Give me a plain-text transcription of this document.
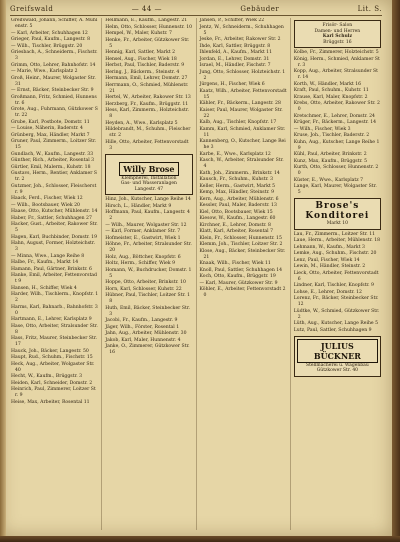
Greifswald	— 44 —	Gebäuder	Lit. S.
Greifswald, Johann, Schiffer, A. Mühlenstr. 5
— Karl, Arbeiter, Schuhhagen 12
Grieger, Paul, Kaufm., Langestr. 8
— Wilh., Tischler, Brüggstr. 20
Griesbach, A., Schneiderm., Fischstr. 3
Grimm, Otto, Lehrer, Bahnhofstr. 14
— Marie, Wwe., Karlsplatz 2
Groß, Heinr., Maurer, Wolgaster Str. 31
— Ernst, Bäcker, Steinbecker Str. 9
Großmann, Fritz, Schmied, Hunnenstr. 6
Grote, Aug., Fuhrmann, Gützkower Str. 22
Grube, Karl, Postbote, Domstr. 11
— Louise, Näherin, Baderstr. 4
Grünberg, Max, Händler, Markt 7
Gruner, Paul, Zimmerm., Loitzer Str. 15
Gundlach, W., Kaufm., Langestr. 33
Günther, Rich., Arbeiter, Rosental 3
Gürtler, Emil, Malerm., Kuhstr. 18
Gustavs, Herm., Rentier, Anklamer Str. 2
Gutzmer, Joh., Schlosser, Fleischerstr. 9
Haack, Ferd., Fischer, Wiek 12
— Wilh., Bootsbauer, Wiek 20
Haase, Otto, Kutscher, Mühlenstr. 14
Haber, Fr., Sattler, Schuhhagen 27
Hacker, Gust., Arbeiter, Rakower Str. 5
Hagen, Karl, Buchbinder, Domstr. 19
Hahn, August, Former, Holzteichstr. 3
— Minna, Wwe., Lange Reihe 8
Halbe, Fr., Kaufm., Markt 14
Hamann, Paul, Gärtner, Brinkstr. 6
Hanke, Emil, Arbeiter, Fettenvorstadt 9
Hansen, H., Schiffer, Wiek 4
Harder, Wilh., Tischlerm., Knopfstr. 12
Harms, Karl, Bahnarb., Bahnhofstr. 30
Hartmann, E., Lehrer, Karlsplatz 9
Hase, Otto, Arbeiter, Stralsunder Str. 8
Hass, Fritz, Maurer, Steinbecker Str. 17
Hauck, Joh., Bäcker, Langestr. 50
Haupt, Rud., Schuhm., Fischstr. 15
Heck, Aug., Arbeiter, Wolgaster Str. 40
Hecht, W., Kaufm., Brüggstr. 3
Heiden, Karl, Schneider, Domstr. 2
Heinrich, Paul, Zimmerer, Loitzer Str. 9
Heise, Max, Arbeiter, Rosental 11
Hellmann, E., Kaufm., Langestr. 21
Helm, Otto, Schlosser, Hunnenstr. 10
Hempel, W., Maler, Kuhstr. 7
Henke, Fr., Arbeiter, Gützkower Str. 5
Hennig, Karl, Sattler, Markt 2
Hensel, Aug., Fischer, Wiek 18
Herbst, Paul, Tischler, Baderstr. 9
Hering, J., Bäckerm., Steinstr. 4
Hermann, Emil, Lehrer, Domstr. 27
Herrmann, O., Schmied, Mühlenstr. 21
Hertel, W., Arbeiter, Rakower Str. 13
Herzberg, Fr., Kaufm., Brüggstr. 11
Hess, Karl, Zimmerm., Holzteichstr. 8
Heyden, A., Wwe., Karlsplatz 5
Hildebrandt, M., Schuhm., Fleischerstr. 2
Hille, Otto, Arbeiter, Fettenvorstadt 3
Willy Brose
Klempnerei, Installation
Gas- und Wasseranlagen
Langestr. 47
Hinz, Joh., Kutscher, Lange Reihe 14
Hirsch, L., Händler, Markt 9
Hoffmann, Paul, Kaufm., Langestr. 42
— Wilh., Maurer, Wolgaster Str. 12
— Karl, Former, Anklamer Str. 7
Hofmeister, E., Gastwirt, Wiek 1
Höhne, Fr., Arbeiter, Stralsunder Str. 20
Holz, Aug., Böttcher, Knopfstr. 6
Holtz, Herm., Schiffer, Wiek 9
Homann, W., Buchdrucker, Domstr. 15
Hoppe, Otto, Arbeiter, Brinkstr. 10
Horn, Karl, Schlosser, Kuhstr. 22
Hübner, Paul, Tischler, Loitzer Str. 18
Huth, Emil, Bäcker, Steinbecker Str. 3
Jacobi, Fr., Kaufm., Langestr. 9
Jäger, Wilh., Förster, Rosental 1
Jahn, Aug., Arbeiter, Mühlenstr. 30
Jakob, Karl, Maler, Hunnenstr. 4
Janke, O., Zimmerer, Gützkower Str. 16
Jansen, P., Schiffer, Wiek 22
Jentz, W., Schneiderm., Schuhhagen 5
Jeske, Fr., Arbeiter, Rakower Str. 2
Ihde, Karl, Sattler, Brüggstr. 8
Ihlenfeld, A., Kaufm., Markt 11
Jordan, E., Lehrer, Domstr. 31
Israel, M., Händler, Fischstr. 7
Jung, Otto, Schlosser, Holzteichstr. 12
Jürgens, H., Fischer, Wiek 6
Kaatz, Wilh., Arbeiter, Fettenvorstadt 15
Kähler, Fr., Bäckerm., Langestr. 28
Kaiser, Paul, Maurer, Wolgaster Str. 22
Kalb, Aug., Tischler, Knopfstr. 17
Kamm, Karl, Schmied, Anklamer Str. 11
Kannenberg, O., Kutscher, Lange Reihe 3
Karbe, E., Wwe., Karlsplatz 12
Kasch, W., Arbeiter, Stralsunder Str. 4
Kath, Joh., Zimmerm., Brinkstr. 14
Kausch, Fr., Schuhm., Kuhstr. 3
Keller, Herm., Gastwirt, Markt 5
Kemp, Max, Händler, Steinstr. 9
Kern, Aug., Arbeiter, Mühlenstr. 6
Kessler, Paul, Maler, Baderstr. 13
Kiel, Otto, Bootsbauer, Wiek 15
Kiesow, W., Kaufm., Langestr. 60
Kirchner, E., Lehrer, Domstr. 8
Klatt, Karl, Arbeiter, Rosental 7
Klein, Fr., Schlosser, Hunnenstr. 15
Klemm, Joh., Tischler, Loitzer Str. 2
Klose, Aug., Bäcker, Steinbecker Str. 21
Knaak, Wilh., Fischer, Wiek 11
Knoll, Paul, Sattler, Schuhhagen 14
Koch, Otto, Kaufm., Brüggstr. 19
— Karl, Maurer, Gützkower Str. 9
Köhler, E., Arbeiter, Fettenvorstadt 20
Frisör- Salon
Damen- und Herren
Karl Schulz
Brüggstr. 16
Kolbe, Fr., Zimmerer, Holzteichstr. 5
König, Herm., Schmied, Anklamer Str. 3
Kopp, Aug., Arbeiter, Stralsunder Str. 14
Korth, W., Händler, Markt 16
Kraft, Paul, Schuhm., Kuhstr. 11
Krause, Karl, Maler, Knopfstr. 2
Krebs, Otto, Arbeiter, Rakower Str. 20
Kretschmer, E., Lehrer, Domstr. 24
Krüger, Fr., Bäckerm., Langestr. 14
— Wilh., Fischer, Wiek 3
Kruse, Joh., Tischler, Baderstr. 2
Kuhn, Aug., Kutscher, Lange Reihe 19
Kühl, Paul, Arbeiter, Brinkstr. 2
Kunz, Max, Kaufm., Brüggstr. 5
Kurth, Otto, Schlosser, Hunnenstr. 20
Küster, E., Wwe., Karlsplatz 7
Lange, Karl, Maurer, Wolgaster Str. 5
Brose's Konditorei
Markt 10
Lau, Fr., Zimmerm., Loitzer Str. 11
Laue, Herm., Arbeiter, Mühlenstr. 18
Lehmann, W., Kaufm., Markt 3
Lemke, Aug., Schuhm., Fischstr. 20
Lenz, Paul, Fischer, Wiek 14
Lewin, M., Händler, Steinstr. 2
Lieck, Otto, Arbeiter, Fettenvorstadt 6
Lindner, Karl, Tischler, Knopfstr. 9
Lohse, E., Lehrer, Domstr. 12
Lorenz, Fr., Bäcker, Steinbecker Str. 12
Lüdtke, W., Schmied, Gützkower Str. 2
Lüth, Aug., Kutscher, Lange Reihe 5
Lutz, Paul, Sattler, Schuhhagen 9
JULIUS BÜCKNER
Stellmacherei u. Wagenbau
Gützkower Str. 40
